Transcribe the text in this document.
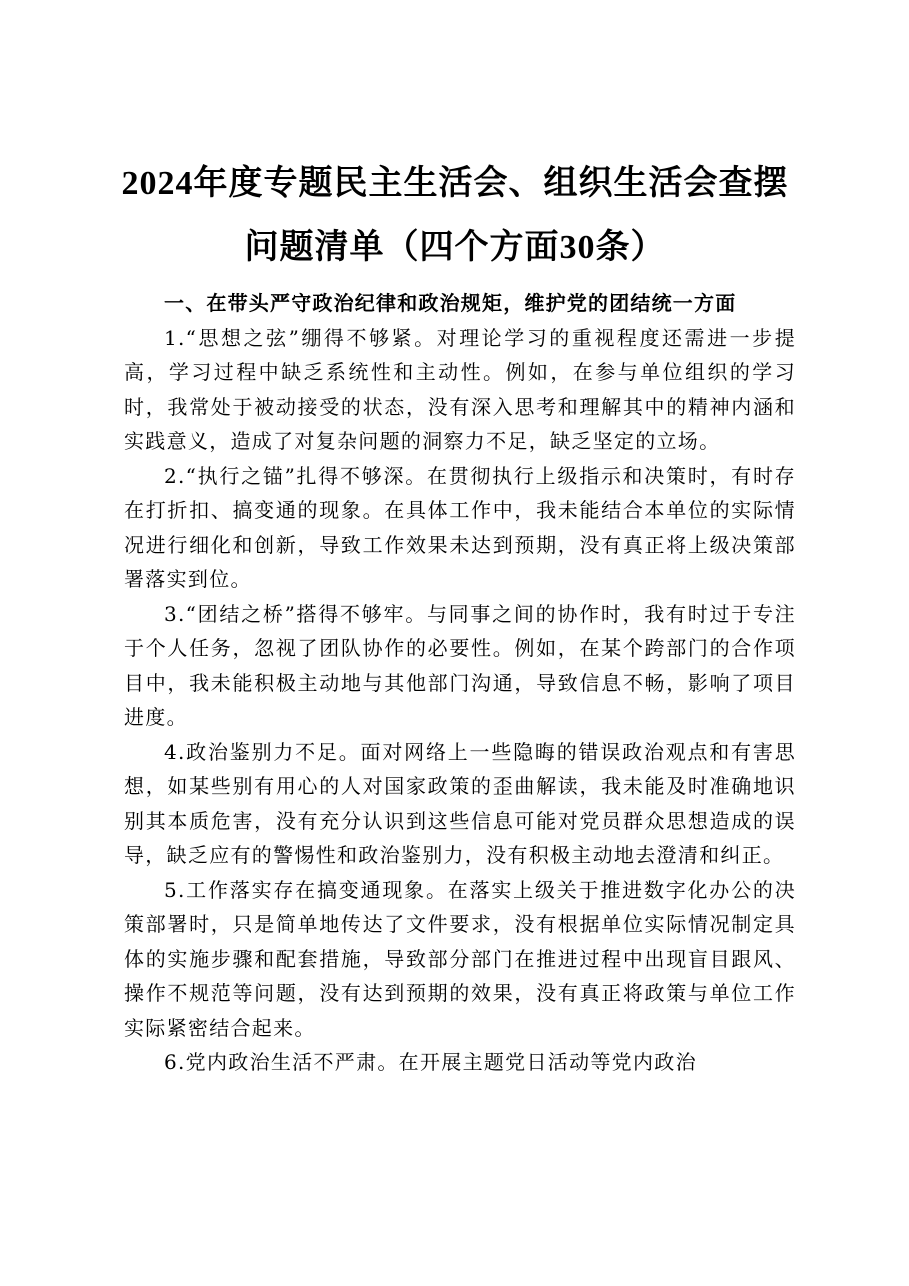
2024年度专题民主生活会、组织生活会查摆
问题清单（四个方面30条）

一、在带头严守政治纪律和政治规矩，维护党的团结统一方面

1.“思想之弦”绷得不够紧。对理论学习的重视程度还需进一步提高，学习过程中缺乏系统性和主动性。例如，在参与单位组织的学习时，我常处于被动接受的状态，没有深入思考和理解其中的精神内涵和实践意义，造成了对复杂问题的洞察力不足，缺乏坚定的立场。

2.“执行之锚”扎得不够深。在贯彻执行上级指示和决策时，有时存在打折扣、搞变通的现象。在具体工作中，我未能结合本单位的实际情况进行细化和创新，导致工作效果未达到预期，没有真正将上级决策部署落实到位。

3.“团结之桥”搭得不够牢。与同事之间的协作时，我有时过于专注于个人任务，忽视了团队协作的必要性。例如，在某个跨部门的合作项目中，我未能积极主动地与其他部门沟通，导致信息不畅，影响了项目进度。

4.政治鉴别力不足。面对网络上一些隐晦的错误政治观点和有害思想，如某些别有用心的人对国家政策的歪曲解读，我未能及时准确地识别其本质危害，没有充分认识到这些信息可能对党员群众思想造成的误导，缺乏应有的警惕性和政治鉴别力，没有积极主动地去澄清和纠正。

5.工作落实存在搞变通现象。在落实上级关于推进数字化办公的决策部署时，只是简单地传达了文件要求，没有根据单位实际情况制定具体的实施步骤和配套措施，导致部分部门在推进过程中出现盲目跟风、操作不规范等问题，没有达到预期的效果，没有真正将政策与单位工作实际紧密结合起来。

6.党内政治生活不严肃。在开展主题党日活动等党内政治
